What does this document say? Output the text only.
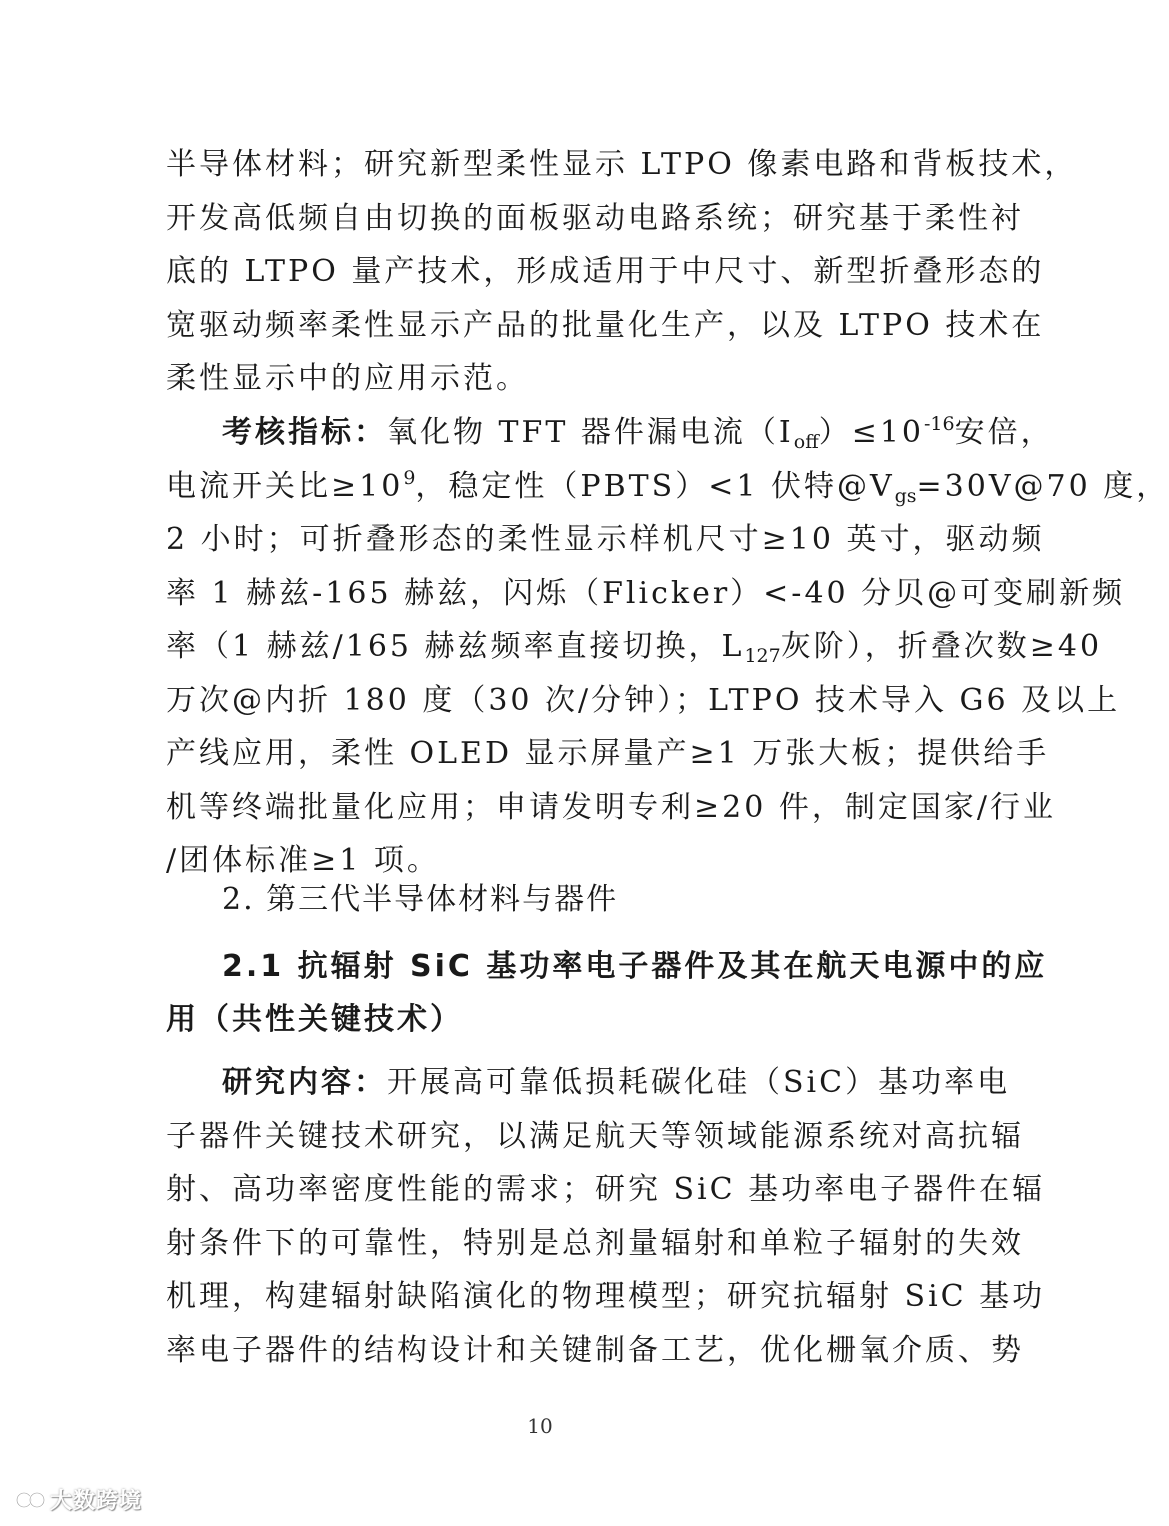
半导体材料；研究新型柔性显示 LTPO 像素电路和背板技术，
开发高低频自由切换的面板驱动电路系统；研究基于柔性衬
底的 LTPO 量产技术，形成适用于中尺寸、新型折叠形态的
宽驱动频率柔性显示产品的批量化生产，以及 LTPO 技术在
柔性显示中的应用示范。
考核指标：氧化物 TFT 器件漏电流$(I_{off})\le 10^{-16}$安倍，
电流开关比$\ge 10^9$，稳定性（PBTS）<1 伏特$@V_{gs}=30V@70$ 度，
2 小时；可折叠形态的柔性显示样机尺寸≥10 英寸，驱动频
率 1 赫兹-165 赫兹，闪烁（Flicker）<-40 分贝@可变刷新频
率（1 赫兹/165 赫兹频率直接切换，$L_{127}$灰阶），折叠次数≥40
万次@内折 180 度（30 次/分钟）；LTPO 技术导入 G6 及以上
产线应用，柔性 OLED 显示屏量产≥1 万张大板；提供给手
机等终端批量化应用；申请发明专利≥20 件，制定国家/行业
/团体标准≥1 项。
2. 第三代半导体材料与器件
2.1 抗辐射 SiC 基功率电子器件及其在航天电源中的应
用（共性关键技术）
研究内容：开展高可靠低损耗碳化硅（SiC）基功率电
子器件关键技术研究，以满足航天等领域能源系统对高抗辐
射、高功率密度性能的需求；研究 SiC 基功率电子器件在辐
射条件下的可靠性，特别是总剂量辐射和单粒子辐射的失效
机理，构建辐射缺陷演化的物理模型；研究抗辐射 SiC 基功
率电子器件的结构设计和关键制备工艺，优化栅氧介质、势
10
大数跨境
